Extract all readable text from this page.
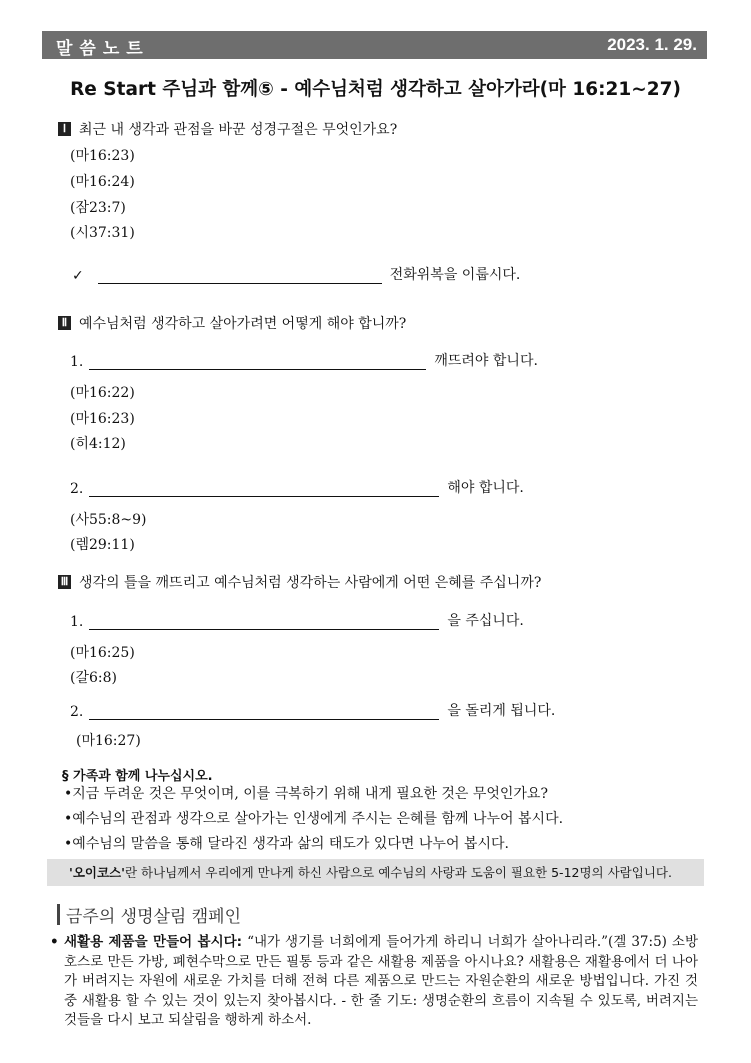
말씀노트	2023. 1. 29.
Re Start 주님과 함께⑤ - 예수님처럼 생각하고 살아가라(마 16:21~27)
Ⅰ 최근 내 생각과 관점을 바꾼 성경구절은 무엇인가요?
(마16:23)
(마16:24)
(잠23:7)
(시37:31)
✓	전화위복을 이룹시다.
Ⅱ 예수님처럼 생각하고 살아가려면 어떻게 해야 합니까?
1.	깨뜨려야 합니다.
(마16:22)
(마16:23)
(히4:12)
2.	해야 합니다.
(사55:8~9)
(렘29:11)
Ⅲ 생각의 틀을 깨뜨리고 예수님처럼 생각하는 사람에게 어떤 은혜를 주십니까?
1.	을 주십니다.
(마16:25)
(갈6:8)
2.	을 돌리게 됩니다.
(마16:27)
§ 가족과 함께 나누십시오.
•지금 두려운 것은 무엇이며, 이를 극복하기 위해 내게 필요한 것은 무엇인가요?
•예수님의 관점과 생각으로 살아가는 인생에게 주시는 은혜를 함께 나누어 봅시다.
•예수님의 말씀을 통해 달라진 생각과 삶의 태도가 있다면 나누어 봅시다.
'오이코스'란 하나님께서 우리에게 만나게 하신 사람으로 예수님의 사랑과 도움이 필요한 5-12명의 사람입니다.
금주의 생명살림 캠페인
• 새활용 제품을 만들어 봅시다: “내가 생기를 너희에게 들어가게 하리니 너희가 살아나리라.”(겔 37:5) 소방호스로 만든 가방, 폐현수막으로 만든 필통 등과 같은 새활용 제품을 아시나요? 새활용은 재활용에서 더 나아가 버려지는 자원에 새로운 가치를 더해 전혀 다른 제품으로 만드는 자원순환의 새로운 방법입니다. 가진 것 중 새활용 할 수 있는 것이 있는지 찾아봅시다. - 한 줄 기도: 생명순환의 흐름이 지속될 수 있도록, 버려지는 것들을 다시 보고 되살림을 행하게 하소서.
